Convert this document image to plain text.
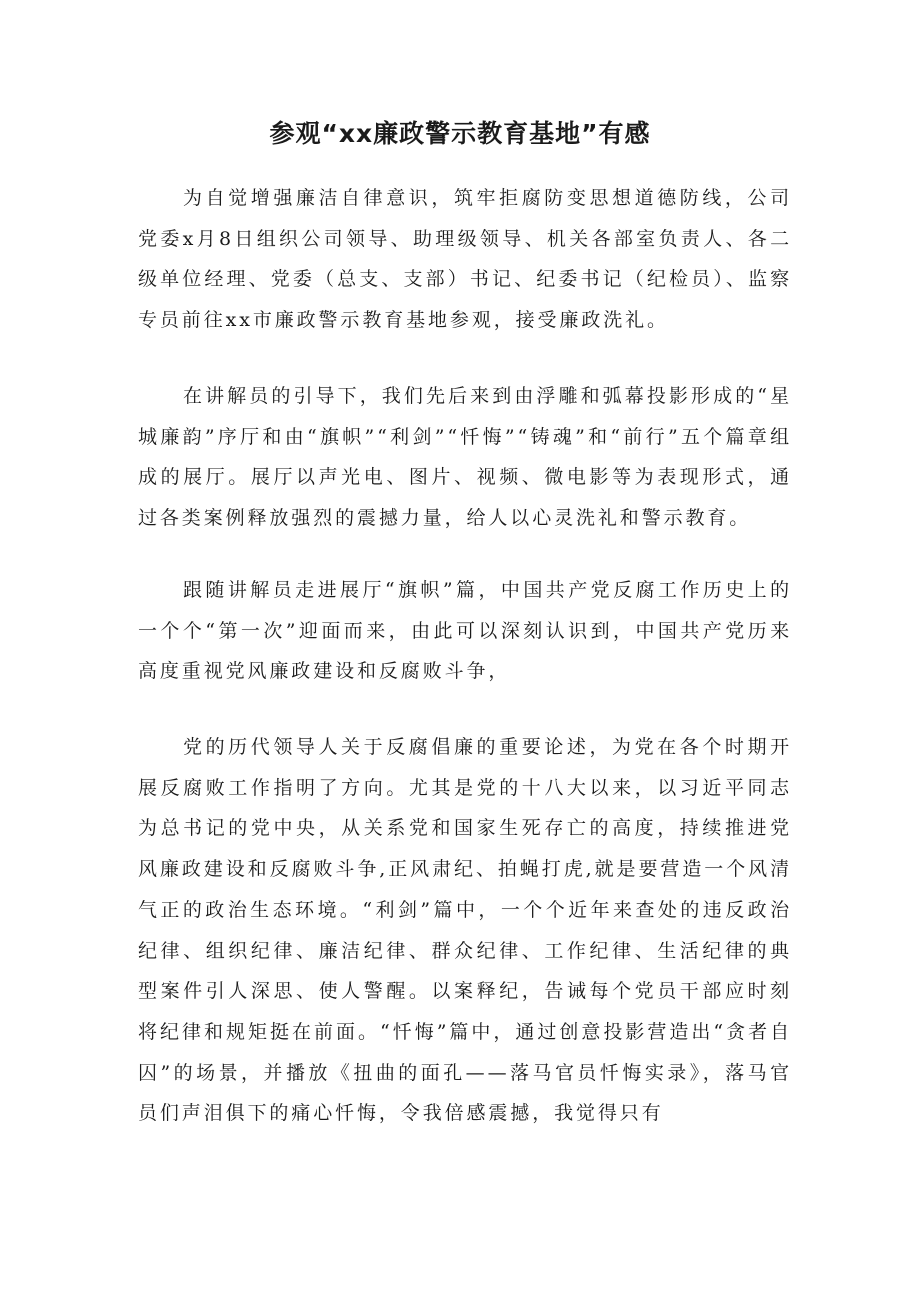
参观“xx廉政警示教育基地”有感

为自觉增强廉洁自律意识，筑牢拒腐防变思想道德防线，公司党委x月8日组织公司领导、助理级领导、机关各部室负责人、各二级单位经理、党委（总支、支部）书记、纪委书记（纪检员）、监察专员前往xx市廉政警示教育基地参观，接受廉政洗礼。

在讲解员的引导下，我们先后来到由浮雕和弧幕投影形成的“星城廉韵”序厅和由“旗帜”“利剑”“忏悔”“铸魂”和“前行”五个篇章组成的展厅。展厅以声光电、图片、视频、微电影等为表现形式，通过各类案例释放强烈的震撼力量，给人以心灵洗礼和警示教育。

跟随讲解员走进展厅“旗帜”篇，中国共产党反腐工作历史上的一个个“第一次”迎面而来，由此可以深刻认识到，中国共产党历来高度重视党风廉政建设和反腐败斗争，

党的历代领导人关于反腐倡廉的重要论述，为党在各个时期开展反腐败工作指明了方向。尤其是党的十八大以来，以习近平同志为总书记的党中央，从关系党和国家生死存亡的高度，持续推进党风廉政建设和反腐败斗争,正风肃纪、拍蝇打虎,就是要营造一个风清气正的政治生态环境。“利剑”篇中，一个个近年来查处的违反政治纪律、组织纪律、廉洁纪律、群众纪律、工作纪律、生活纪律的典型案件引人深思、使人警醒。以案释纪，告诫每个党员干部应时刻将纪律和规矩挺在前面。“忏悔”篇中，通过创意投影营造出“贪者自囚”的场景，并播放《扭曲的面孔——落马官员忏悔实录》，落马官员们声泪俱下的痛心忏悔，令我倍感震撼，我觉得只有
